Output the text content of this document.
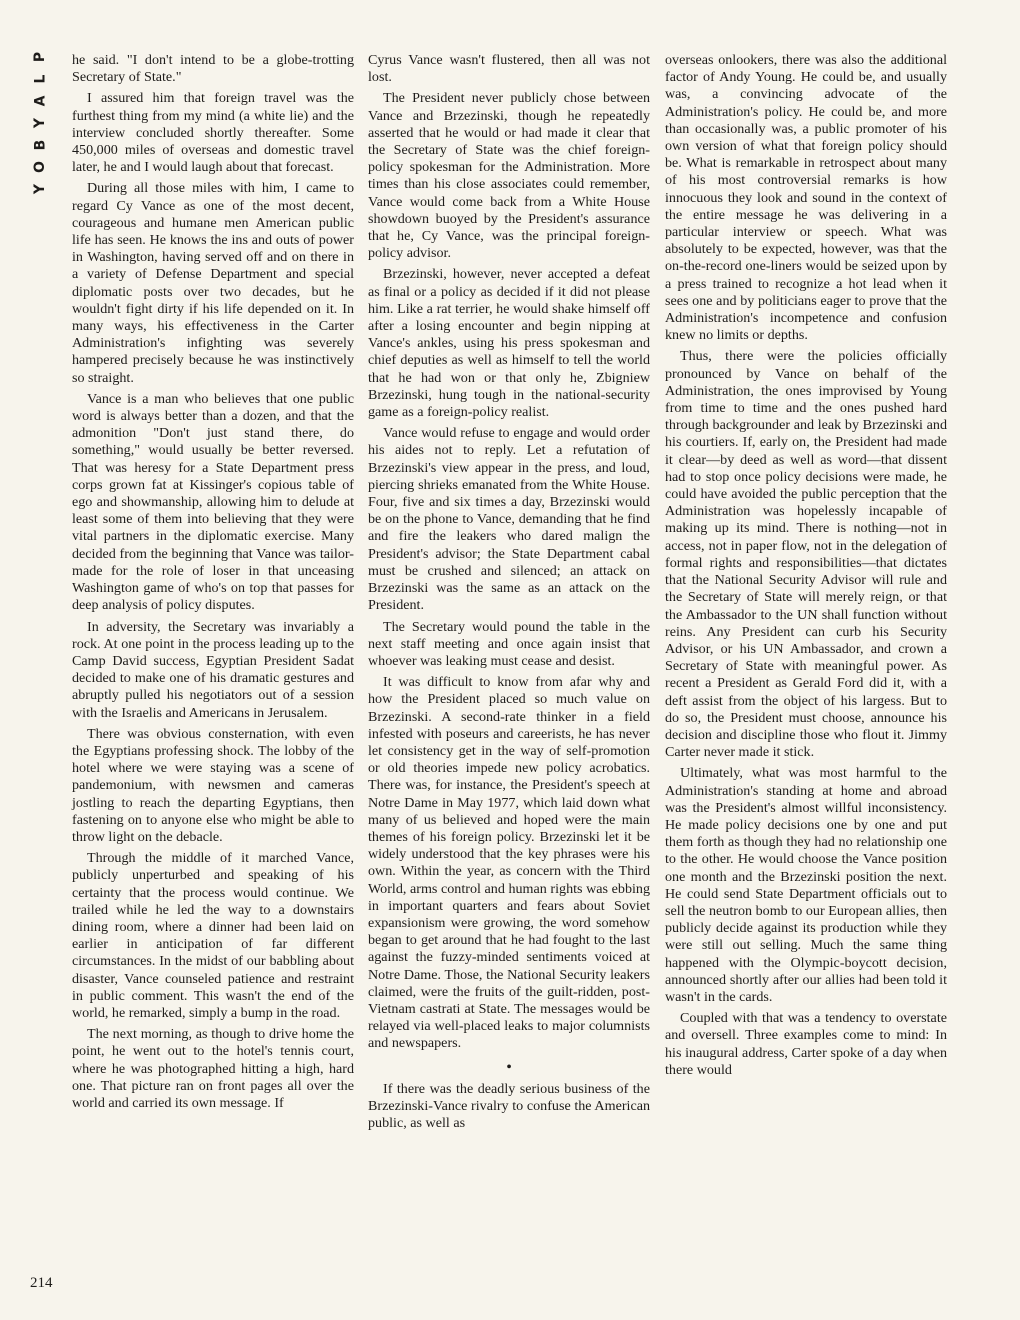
P
L
A
Y
B
O
Y
214

he said. "I don't intend to be a globe-trotting Secretary of State."

I assured him that foreign travel was the furthest thing from my mind (a white lie) and the interview concluded shortly thereafter. Some 450,000 miles of overseas and domestic travel later, he and I would laugh about that forecast.

During all those miles with him, I came to regard Cy Vance as one of the most decent, courageous and humane men American public life has seen. He knows the ins and outs of power in Washington, having served off and on there in a variety of Defense Department and special diplomatic posts over two decades, but he wouldn't fight dirty if his life depended on it. In many ways, his effectiveness in the Carter Administration's infighting was severely hampered precisely because he was instinctively so straight.

Vance is a man who believes that one public word is always better than a dozen, and that the admonition "Don't just stand there, do something," would usually be better reversed. That was heresy for a State Department press corps grown fat at Kissinger's copious table of ego and showmanship, allowing him to delude at least some of them into believing that they were vital partners in the diplomatic exercise. Many decided from the beginning that Vance was tailor-made for the role of loser in that unceasing Washington game of who's on top that passes for deep analysis of policy disputes.

In adversity, the Secretary was invariably a rock. At one point in the process leading up to the Camp David success, Egyptian President Sadat decided to make one of his dramatic gestures and abruptly pulled his negotiators out of a session with the Israelis and Americans in Jerusalem.

There was obvious consternation, with even the Egyptians professing shock. The lobby of the hotel where we were staying was a scene of pandemonium, with newsmen and cameras jostling to reach the departing Egyptians, then fastening on to anyone else who might be able to throw light on the debacle.

Through the middle of it marched Vance, publicly unperturbed and speaking of his certainty that the process would continue. We trailed while he led the way to a downstairs dining room, where a dinner had been laid on earlier in anticipation of far different circumstances. In the midst of our babbling about disaster, Vance counseled patience and restraint in public comment. This wasn't the end of the world, he remarked, simply a bump in the road.

The next morning, as though to drive home the point, he went out to the hotel's tennis court, where he was photographed hitting a high, hard one. That picture ran on front pages all over the world and carried its own message. If

Cyrus Vance wasn't flustered, then all was not lost.

The President never publicly chose between Vance and Brzezinski, though he repeatedly asserted that he would or had made it clear that the Secretary of State was the chief foreign-policy spokesman for the Administration. More times than his close associates could remember, Vance would come back from a White House showdown buoyed by the President's assurance that he, Cy Vance, was the principal foreign-policy advisor.

Brzezinski, however, never accepted a defeat as final or a policy as decided if it did not please him. Like a rat terrier, he would shake himself off after a losing encounter and begin nipping at Vance's ankles, using his press spokesman and chief deputies as well as himself to tell the world that he had won or that only he, Zbigniew Brzezinski, hung tough in the national-security game as a foreign-policy realist.

Vance would refuse to engage and would order his aides not to reply. Let a refutation of Brzezinski's view appear in the press, and loud, piercing shrieks emanated from the White House. Four, five and six times a day, Brzezinski would be on the phone to Vance, demanding that he find and fire the leakers who dared malign the President's advisor; the State Department cabal must be crushed and silenced; an attack on Brzezinski was the same as an attack on the President.

The Secretary would pound the table in the next staff meeting and once again insist that whoever was leaking must cease and desist.

It was difficult to know from afar why and how the President placed so much value on Brzezinski. A second-rate thinker in a field infested with poseurs and careerists, he has never let consistency get in the way of self-promotion or old theories impede new policy acrobatics. There was, for instance, the President's speech at Notre Dame in May 1977, which laid down what many of us believed and hoped were the main themes of his foreign policy. Brzezinski let it be widely understood that the key phrases were his own. Within the year, as concern with the Third World, arms control and human rights was ebbing in important quarters and fears about Soviet expansionism were growing, the word somehow began to get around that he had fought to the last against the fuzzy-minded sentiments voiced at Notre Dame. Those, the National Security leakers claimed, were the fruits of the guilt-ridden, post-Vietnam castrati at State. The messages would be relayed via well-placed leaks to major columnists and newspapers.

•

If there was the deadly serious business of the Brzezinski-Vance rivalry to confuse the American public, as well as

overseas onlookers, there was also the additional factor of Andy Young. He could be, and usually was, a convincing advocate of the Administration's policy. He could be, and more than occasionally was, a public promoter of his own version of what that foreign policy should be. What is remarkable in retrospect about many of his most controversial remarks is how innocuous they look and sound in the context of the entire message he was delivering in a particular interview or speech. What was absolutely to be expected, however, was that the on-the-record one-liners would be seized upon by a press trained to recognize a hot lead when it sees one and by politicians eager to prove that the Administration's incompetence and confusion knew no limits or depths.

Thus, there were the policies officially pronounced by Vance on behalf of the Administration, the ones improvised by Young from time to time and the ones pushed hard through backgrounder and leak by Brzezinski and his courtiers. If, early on, the President had made it clear—by deed as well as word—that dissent had to stop once policy decisions were made, he could have avoided the public perception that the Administration was hopelessly incapable of making up its mind. There is nothing—not in access, not in paper flow, not in the delegation of formal rights and responsibilities—that dictates that the National Security Advisor will rule and the Secretary of State will merely reign, or that the Ambassador to the UN shall function without reins. Any President can curb his Security Advisor, or his UN Ambassador, and crown a Secretary of State with meaningful power. As recent a President as Gerald Ford did it, with a deft assist from the object of his largess. But to do so, the President must choose, announce his decision and discipline those who flout it. Jimmy Carter never made it stick.

Ultimately, what was most harmful to the Administration's standing at home and abroad was the President's almost willful inconsistency. He made policy decisions one by one and put them forth as though they had no relationship one to the other. He would choose the Vance position one month and the Brzezinski position the next. He could send State Department officials out to sell the neutron bomb to our European allies, then publicly decide against its production while they were still out selling. Much the same thing happened with the Olympic-boycott decision, announced shortly after our allies had been told it wasn't in the cards.

Coupled with that was a tendency to overstate and oversell. Three examples come to mind: In his inaugural address, Carter spoke of a day when there would
